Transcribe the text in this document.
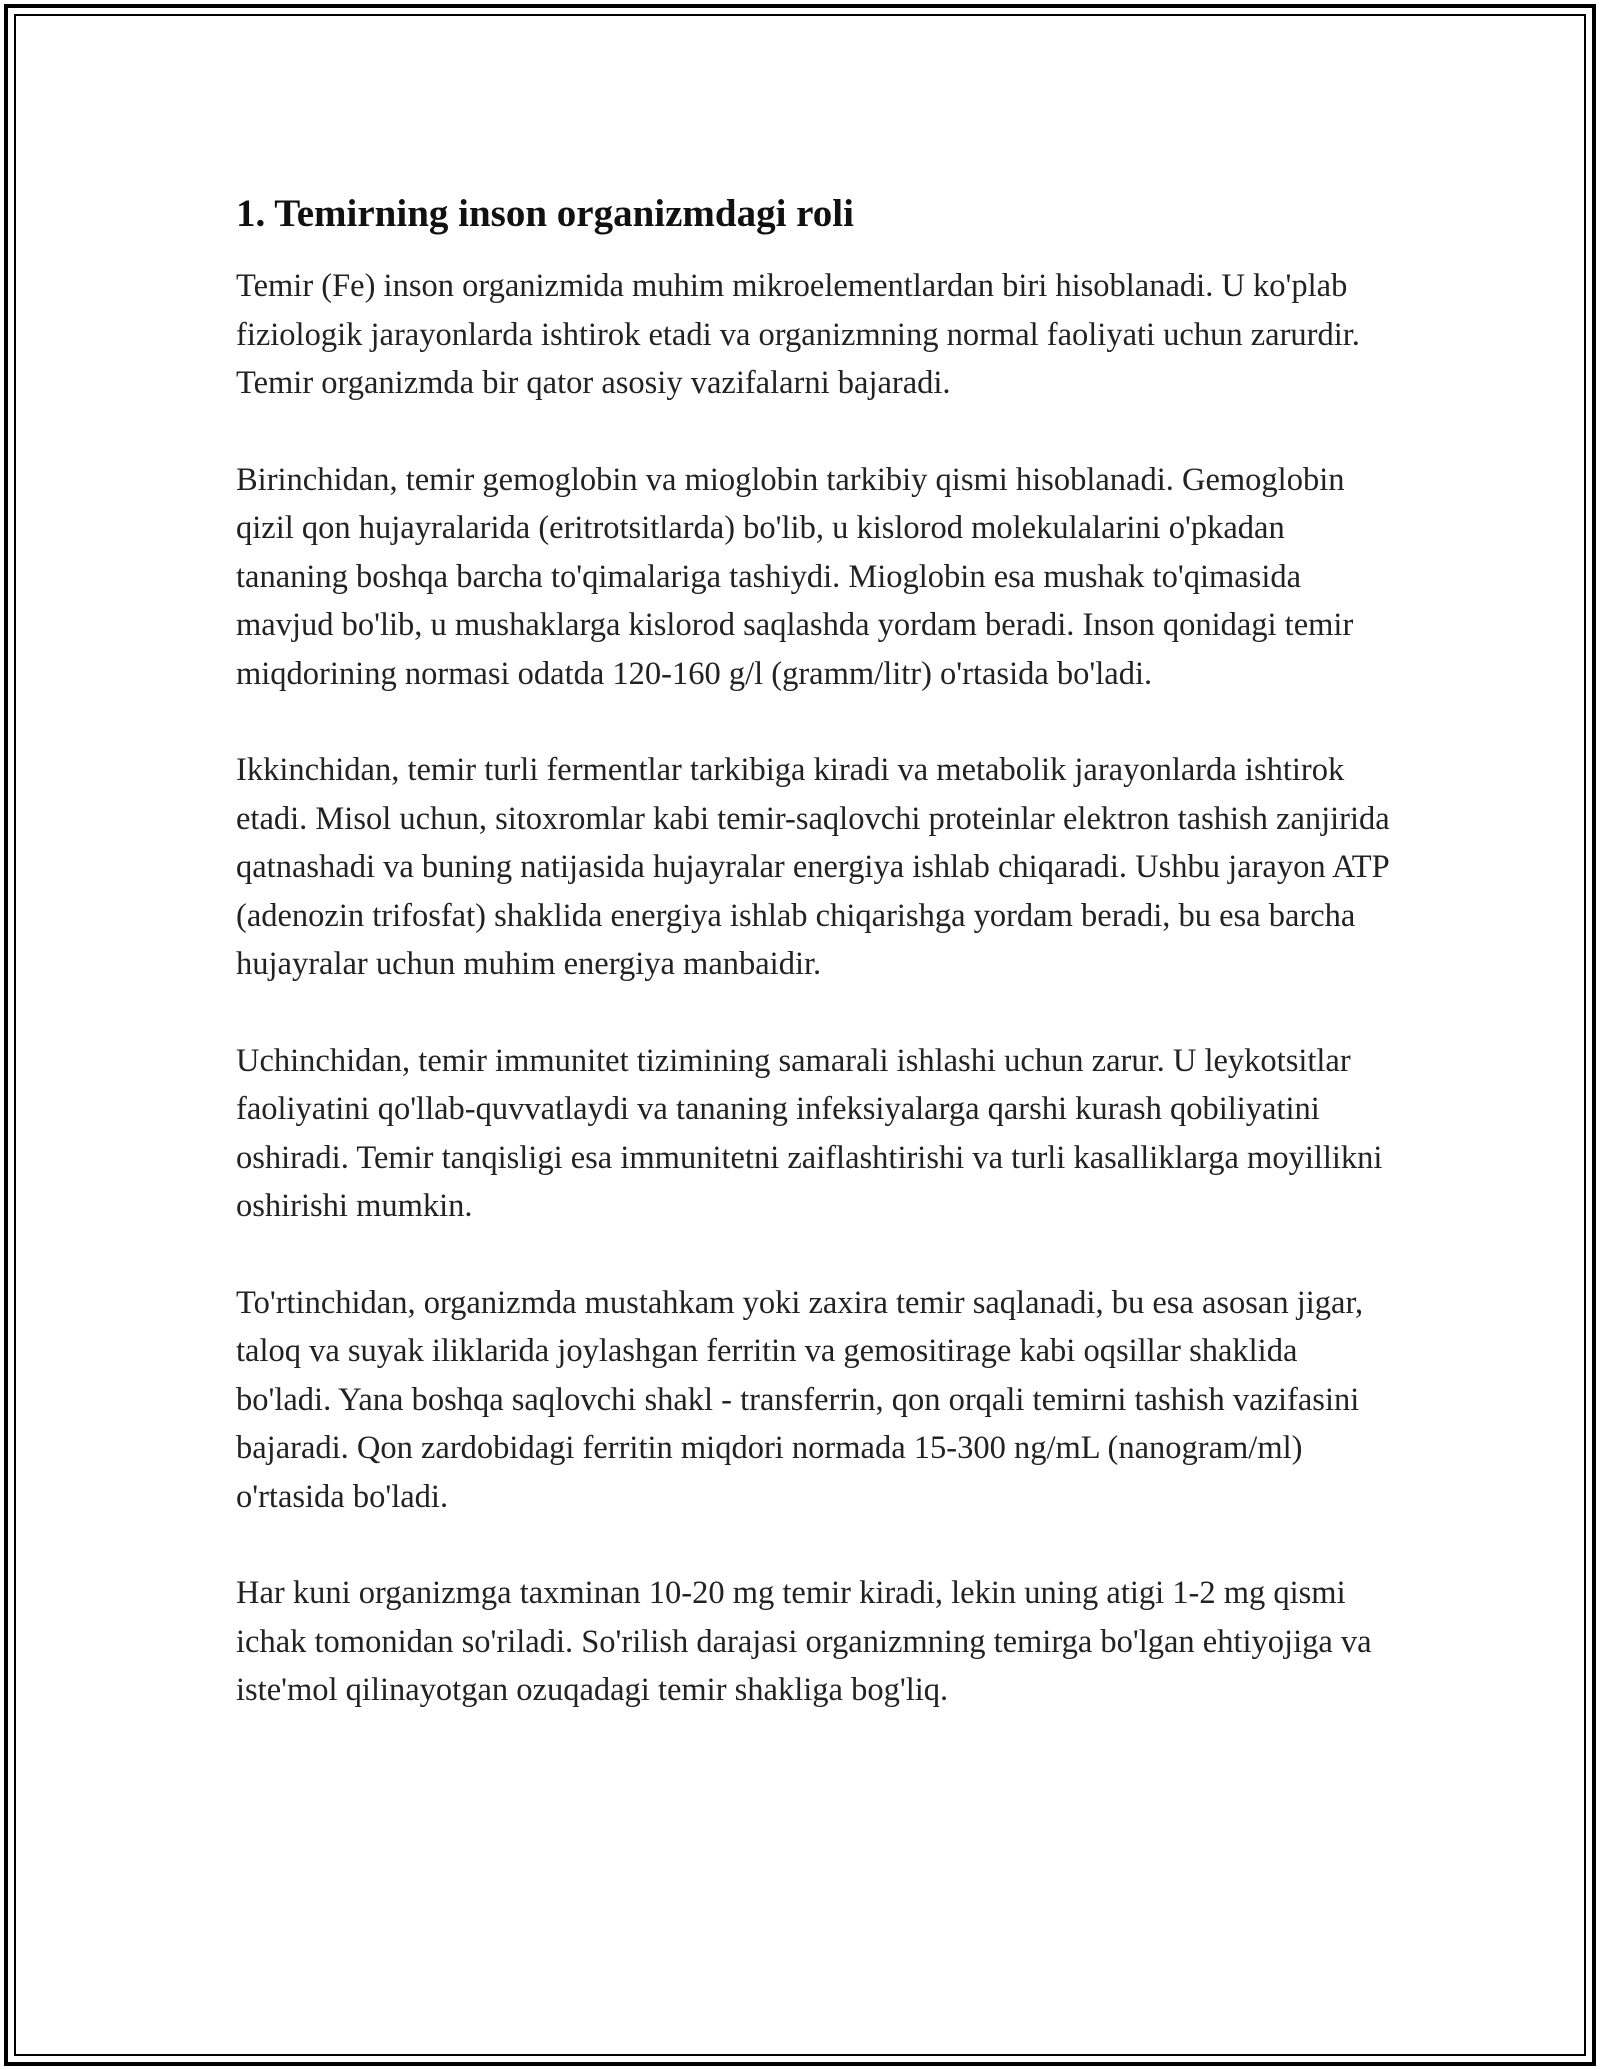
1. Temirning inson organizmdagi roli

Temir (Fe) inson organizmida muhim mikroelementlardan biri hisoblanadi. U ko'plab fiziologik jarayonlarda ishtirok etadi va organizmning normal faoliyati uchun zarurdir. Temir organizmda bir qator asosiy vazifalarni bajaradi.

Birinchidan, temir gemoglobin va mioglobin tarkibiy qismi hisoblanadi. Gemoglobin qizil qon hujayralarida (eritrotsitlarda) bo'lib, u kislorod molekulalarini o'pkadan tananing boshqa barcha to'qimalariga tashiydi. Mioglobin esa mushak to'qimasida mavjud bo'lib, u mushaklarga kislorod saqlashda yordam beradi. Inson qonidagi temir miqdorining normasi odatda 120-160 g/l (gramm/litr) o'rtasida bo'ladi.

Ikkinchidan, temir turli fermentlar tarkibiga kiradi va metabolik jarayonlarda ishtirok etadi. Misol uchun, sitoxromlar kabi temir-saqlovchi proteinlar elektron tashish zanjirida qatnashadi va buning natijasida hujayralar energiya ishlab chiqaradi. Ushbu jarayon ATP (adenozin trifosfat) shaklida energiya ishlab chiqarishga yordam beradi, bu esa barcha hujayralar uchun muhim energiya manbaidir.

Uchinchidan, temir immunitet tizimining samarali ishlashi uchun zarur. U leykotsitlar faoliyatini qo'llab-quvvatlaydi va tananing infeksiyalarga qarshi kurash qobiliyatini oshiradi. Temir tanqisligi esa immunitetni zaiflashtirishi va turli kasalliklarga moyillikni oshirishi mumkin.

To'rtinchidan, organizmda mustahkam yoki zaxira temir saqlanadi, bu esa asosan jigar, taloq va suyak iliklarida joylashgan ferritin va gemositirage kabi oqsillar shaklida bo'ladi. Yana boshqa saqlovchi shakl - transferrin, qon orqali temirni tashish vazifasini bajaradi. Qon zardobidagi ferritin miqdori normada 15-300 ng/mL (nanogram/ml) o'rtasida bo'ladi.

Har kuni organizmga taxminan 10-20 mg temir kiradi, lekin uning atigi 1-2 mg qismi ichak tomonidan so'riladi. So'rilish darajasi organizmning temirga bo'lgan ehtiyojiga va iste'mol qilinayotgan ozuqadagi temir shakliga bog'liq.
